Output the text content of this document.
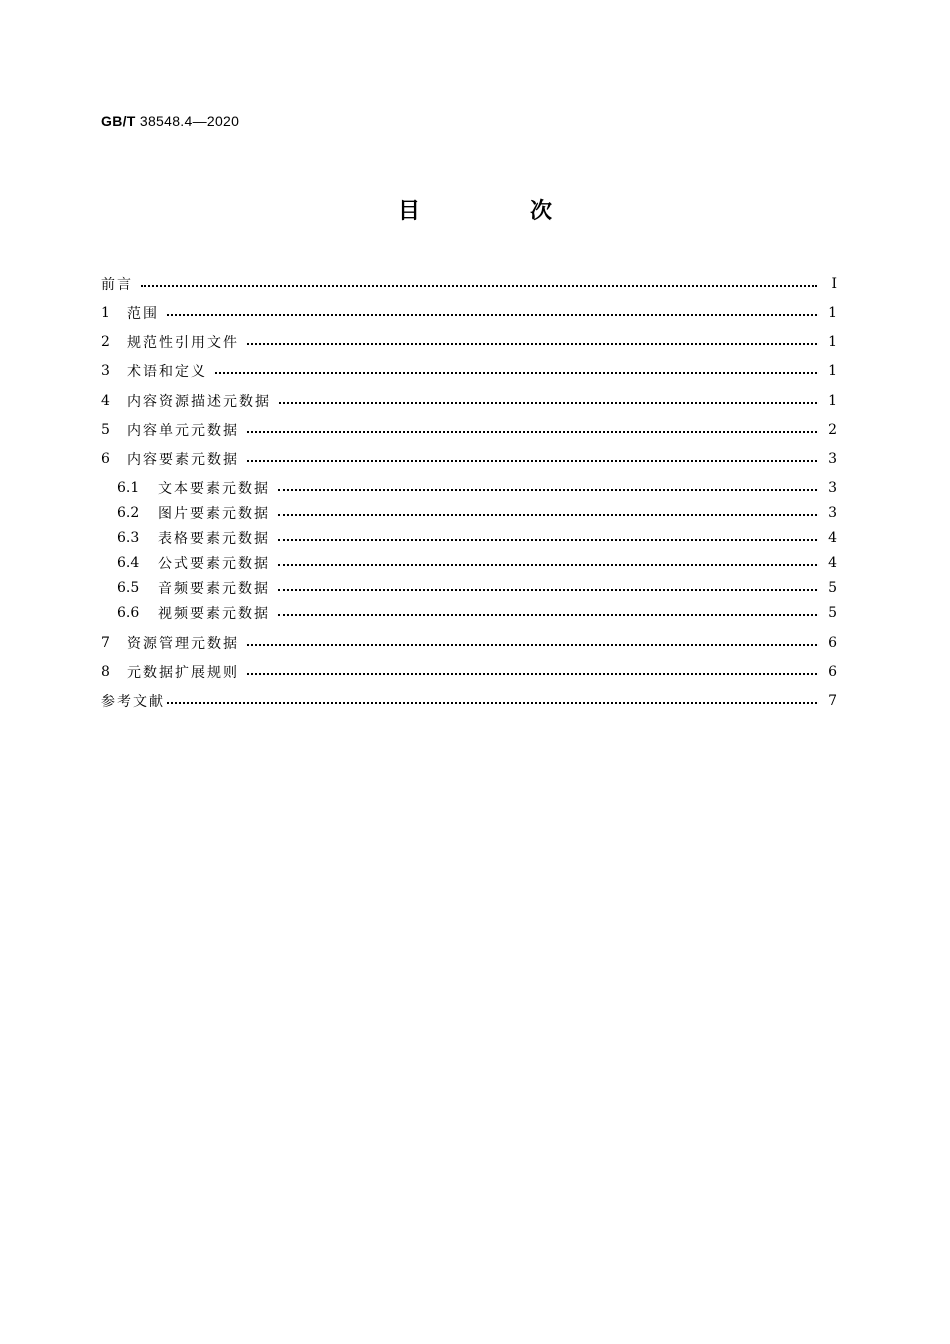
GB/T 38548.4—2020
目　次
前言	Ⅰ
1	范围	1
2	规范性引用文件	1
3	术语和定义	1
4	内容资源描述元数据	1
5	内容单元元数据	2
6	内容要素元数据	3
6.1	文本要素元数据	3
6.2	图片要素元数据	3
6.3	表格要素元数据	4
6.4	公式要素元数据	4
6.5	音频要素元数据	5
6.6	视频要素元数据	5
7	资源管理元数据	6
8	元数据扩展规则	6
参考文献	7
